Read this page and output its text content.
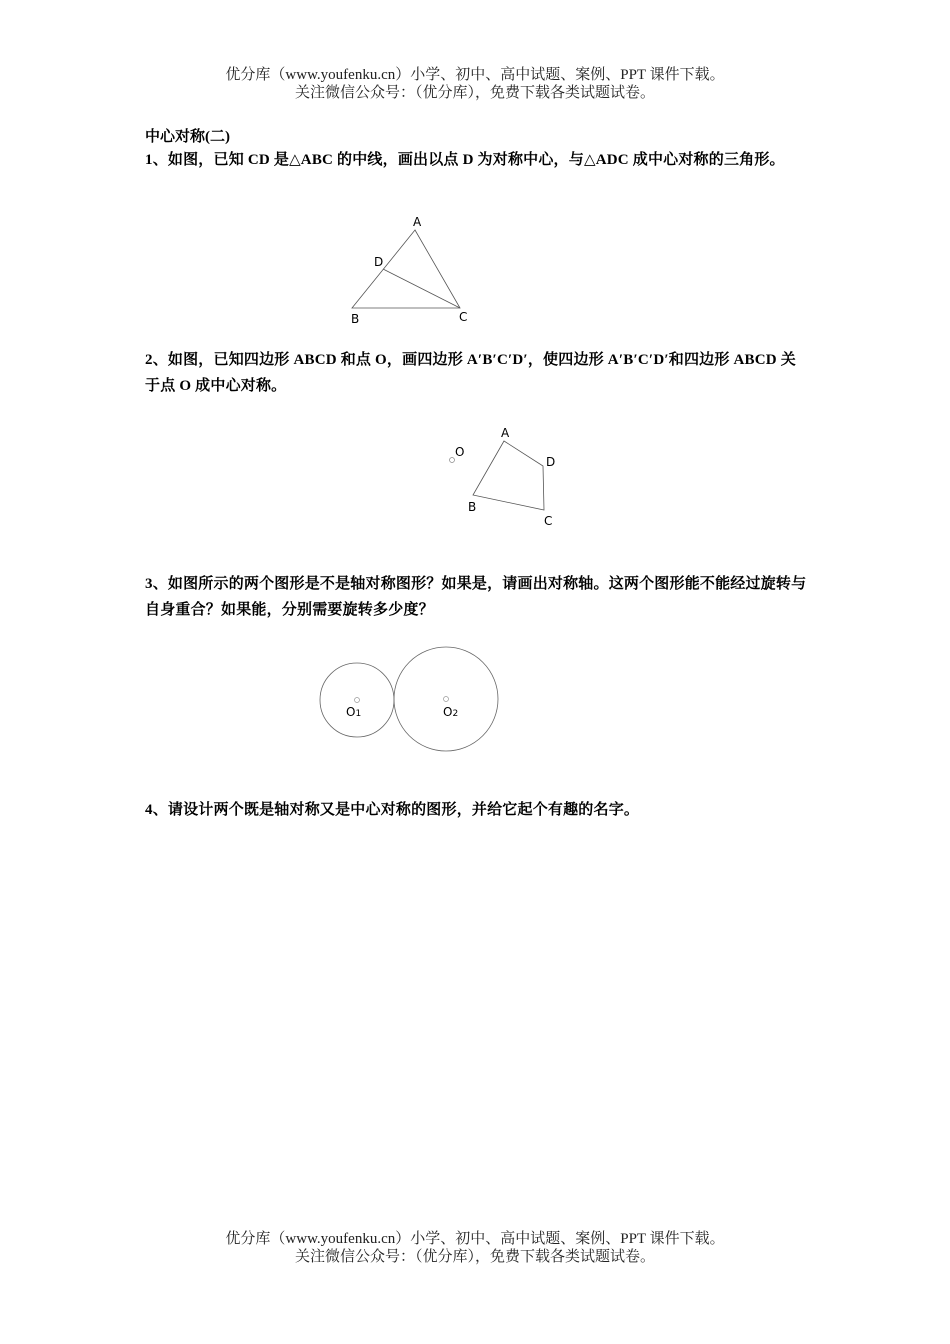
优分库（www.youfenku.cn）小学、初中、高中试题、案例、PPT 课件下载。
关注微信公众号：（优分库），免费下载各类试题试卷。
中心对称(二)
1、如图，已知 CD 是△ABC 的中线，画出以点 D 为对称中心，与△ADC 成中心对称的三角形。
2、如图，已知四边形 ABCD 和点 O，画四边形 A′B′C′D′，使四边形 A′B′C′D′和四边形 ABCD 关于点 O 成中心对称。
3、如图所示的两个图形是不是轴对称图形？如果是，请画出对称轴。这两个图形能不能经过旋转与自身重合？如果能，分别需要旋转多少度？
4、请设计两个既是轴对称又是中心对称的图形，并给它起个有趣的名字。
A
D
B	C
O
A
D
B
C
O1	O2
优分库（www.youfenku.cn）小学、初中、高中试题、案例、PPT 课件下载。
关注微信公众号：（优分库），免费下载各类试题试卷。
